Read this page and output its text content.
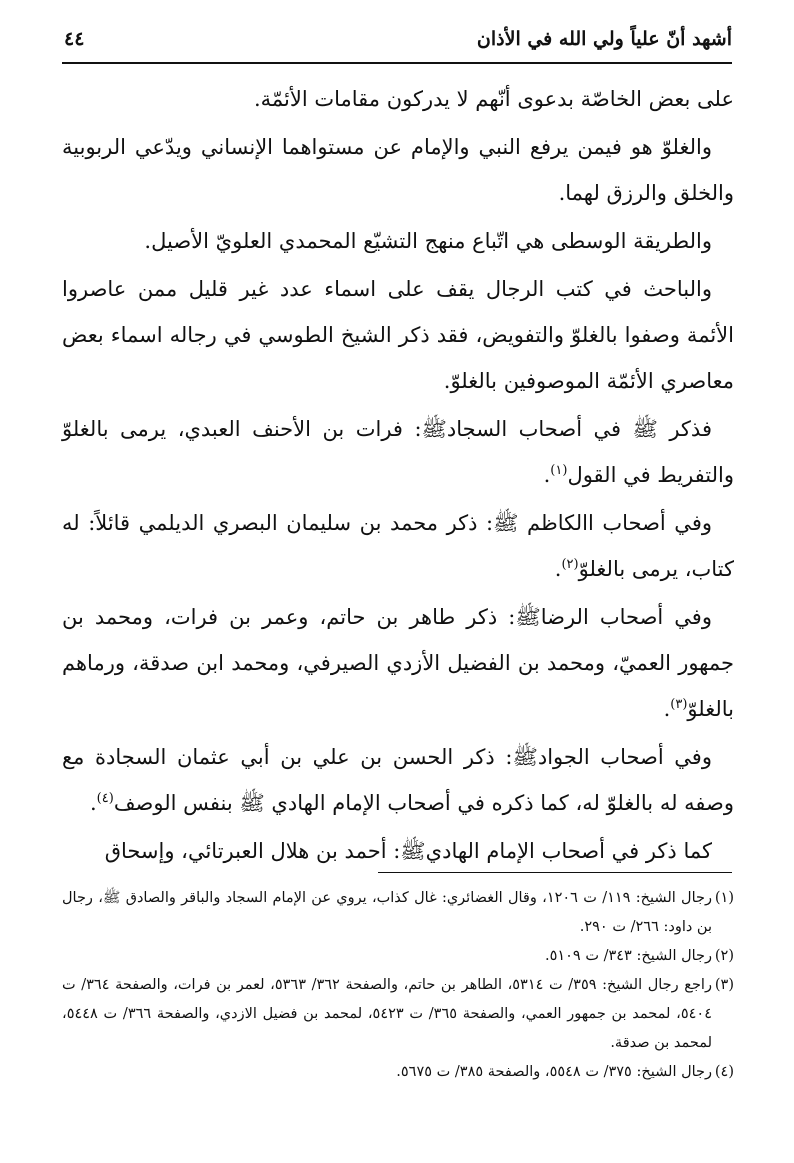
أشهد أنّ علياً ولي الله في الأذان
٤٤

على بعض الخاصّة بدعوى أنّهم لا يدركون مقامات الأئمّة.

والغلوّ هو فيمن يرفع النبي والإمام عن مستواهما الإنساني ويدّعي الربوبية والخلق والرزق لهما.

والطريقة الوسطى هي اتّباع منهج التشيّع المحمدي العلويّ الأصيل.

والباحث في كتب الرجال يقف على اسماء عدد غير قليل ممن عاصروا الأئمة وصفوا بالغلوّ والتفويض، فقد ذكر الشيخ الطوسي في رجاله اسماء بعض معاصري الأئمّة الموصوفين بالغلوّ.

فذكر ﷺ في أصحاب السجادﷺ: فرات بن الأحنف العبدي، يرمى بالغلوّ والتفريط في القول$^{(١)}$.

وفي أصحاب االكاظم ﷺ: ذكر محمد بن سليمان البصري الديلمي قائلاً: له كتاب، يرمى بالغلوّ$^{(٢)}$.

وفي أصحاب الرضاﷺ: ذكر طاهر بن حاتم، وعمر بن فرات، ومحمد بن جمهور العميّ، ومحمد بن الفضيل الأزدي الصيرفي، ومحمد ابن صدقة، ورماهم بالغلوّ$^{(٣)}$.

وفي أصحاب الجوادﷺ: ذكر الحسن بن علي بن أبي عثمان السجادة مع وصفه له بالغلوّ له، كما ذكره في أصحاب الإمام الهادي ﷺ بنفس الوصف$^{(٤)}$.

كما ذكر في أصحاب الإمام الهاديﷺ: أحمد بن هلال العبرتائي، وإسحاق

(١)
رجال الشيخ: ١١٩/ ت ١٢٠٦، وقال الغضائري: غال كذاب، يروي عن الإمام السجاد والباقر والصادق ﷺ، رجال بن داود: ٢٦٦/ ت ٢٩٠.

(٢)
رجال الشيخ: ٣٤٣/ ت ٥١٠٩.

(٣)
راجع رجال الشيخ: ٣٥٩/ ت ٥٣١٤، الطاهر بن حاتم، والصفحة ٣٦٢/ ٥٣٦٣، لعمر بن فرات، والصفحة ٣٦٤/ ت ٥٤٠٤، لمحمد بن جمهور العمي، والصفحة ٣٦٥/ ت ٥٤٢٣، لمحمد بن فضيل الازدي، والصفحة ٣٦٦/ ت ٥٤٤٨، لمحمد بن صدقة.

(٤)
رجال الشيخ: ٣٧٥/ ت ٥٥٤٨، والصفحة ٣٨٥/ ت ٥٦٧٥.
